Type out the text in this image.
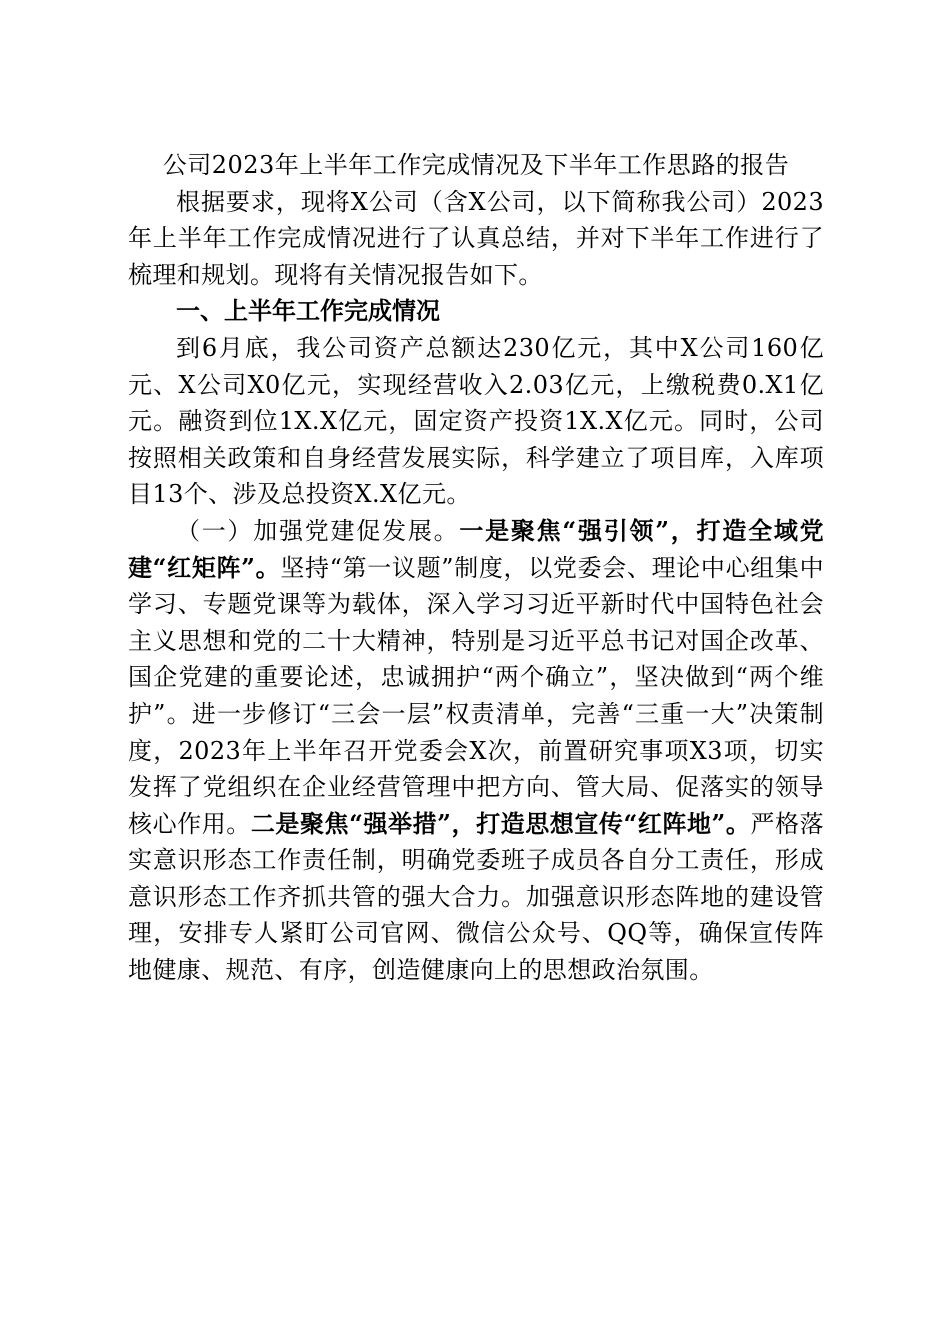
公司2023年上半年工作完成情况及下半年工作思路的报告

根据要求，现将X公司（含X公司，以下简称我公司）2023年上半年工作完成情况进行了认真总结，并对下半年工作进行了梳理和规划。现将有关情况报告如下。

一、上半年工作完成情况

到6月底，我公司资产总额达230亿元，其中X公司160亿元、X公司X0亿元，实现经营收入2.03亿元，上缴税费0.X1亿元。融资到位1X.X亿元，固定资产投资1X.X亿元。同时，公司按照相关政策和自身经营发展实际，科学建立了项目库，入库项目13个、涉及总投资X.X亿元。

（一）加强党建促发展。一是聚焦“强引领”，打造全域党建“红矩阵”。坚持“第一议题”制度，以党委会、理论中心组集中学习、专题党课等为载体，深入学习习近平新时代中国特色社会主义思想和党的二十大精神，特别是习近平总书记对国企改革、国企党建的重要论述，忠诚拥护“两个确立”，坚决做到“两个维护”。进一步修订“三会一层”权责清单，完善“三重一大”决策制度，2023年上半年召开党委会X次，前置研究事项X3项，切实发挥了党组织在企业经营管理中把方向、管大局、促落实的领导核心作用。二是聚焦“强举措”，打造思想宣传“红阵地”。严格落实意识形态工作责任制，明确党委班子成员各自分工责任，形成意识形态工作齐抓共管的强大合力。加强意识形态阵地的建设管理，安排专人紧盯公司官网、微信公众号、QQ等，确保宣传阵地健康、规范、有序，创造健康向上的思想政治氛围。
